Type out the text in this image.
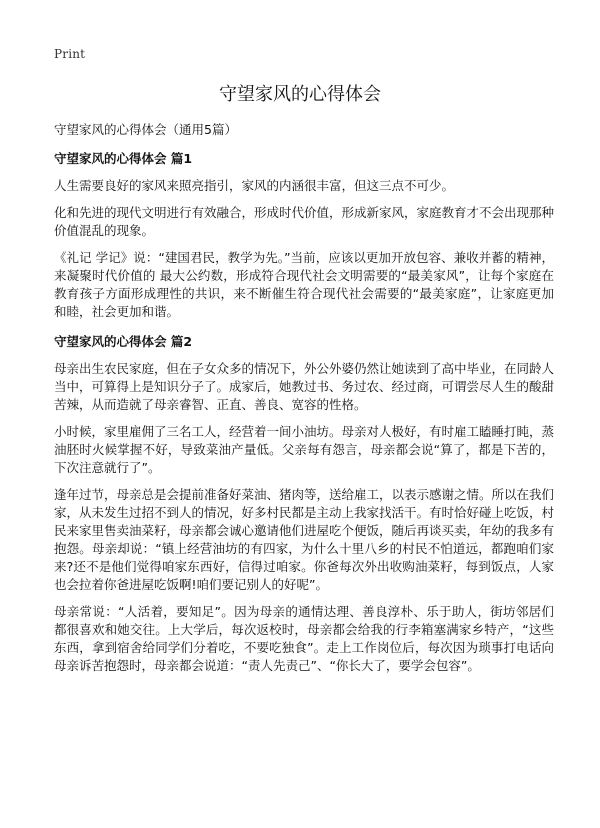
Print
守望家风的心得体会

守望家风的心得体会（通用5篇）

守望家风的心得体会 篇1

人生需要良好的家风来照亮指引，家风的内涵很丰富，但这三点不可少。

化和先进的现代文明进行有效融合，形成时代价值，形成新家风，家庭教育才不会出现那种价值混乱的现象。

《礼记 学记》说：“建国君民，教学为先。”当前，应该以更加开放包容、兼收并蓄的精神，来凝聚时代价值的 最大公约数，形成符合现代社会文明需要的“最美家风”，让每个家庭在教育孩子方面形成理性的共识，来不断催生符合现代社会需要的“最美家庭”，让家庭更加和睦，社会更加和谐。

守望家风的心得体会 篇2

母亲出生农民家庭，但在子女众多的情况下，外公外婆仍然让她读到了高中毕业，在同龄人当中，可算得上是知识分子了。成家后，她教过书、务过农、经过商，可谓尝尽人生的酸甜苦辣，从而造就了母亲睿智、正直、善良、宽容的性格。

小时候，家里雇佣了三名工人，经营着一间小油坊。母亲对人极好，有时雇工瞌睡打盹，蒸油胚时火候掌握不好，导致菜油产量低。父亲每有怨言，母亲都会说“算了，都是下苦的，下次注意就行了”。

逢年过节，母亲总是会提前准备好菜油、猪肉等，送给雇工，以表示感谢之情。所以在我们家，从未发生过招不到人的情况，好多村民都是主动上我家找活干。有时恰好碰上吃饭，村民来家里售卖油菜籽，母亲都会诚心邀请他们进屋吃个便饭，随后再谈买卖，年幼的我多有抱怨。母亲却说：“镇上经营油坊的有四家，为什么十里八乡的村民不怕道远，都跑咱们家来?还不是他们觉得咱家东西好，信得过咱家。你爸每次外出收购油菜籽，每到饭点，人家也会拉着你爸进屋吃饭啊!咱们要记别人的好呢”。

母亲常说：“人活着，要知足”。因为母亲的通情达理、善良淳朴、乐于助人，街坊邻居们都很喜欢和她交往。上大学后，每次返校时，母亲都会给我的行李箱塞满家乡特产，“这些东西，拿到宿舍给同学们分着吃，不要吃独食”。走上工作岗位后，每次因为琐事打电话向母亲诉苦抱怨时，母亲都会说道：“责人先责己”、“你长大了，要学会包容”。
